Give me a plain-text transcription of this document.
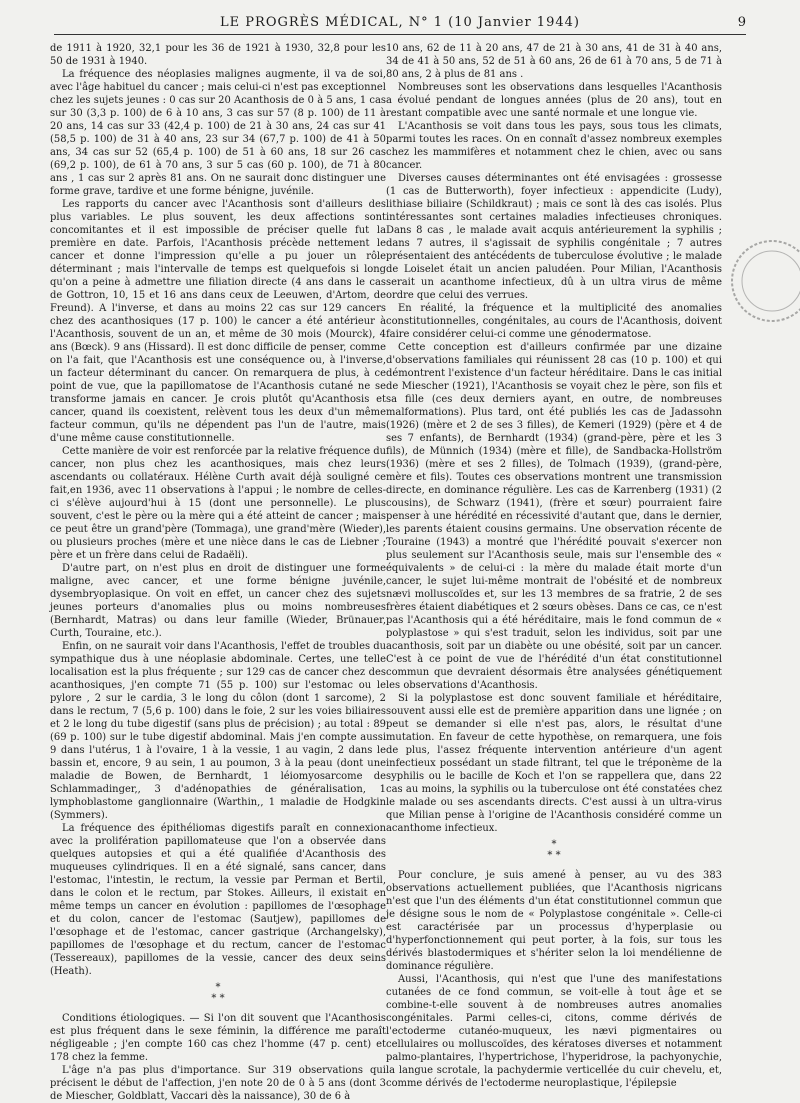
LE PROGRÈS MÉDICAL, N° 1 (10 Janvier 1944)	9

de 1911 à 1920, 32,1 pour les 36 de 1921 à 1930, 32,8 pour les 50 de 1931 à 1940.

La fréquence des néoplasies malignes augmente, il va de soi, avec l'âge habituel du cancer ; mais celui-ci n'est pas exceptionnel chez les sujets jeunes : 0 cas sur 20 Acanthosis de 0 à 5 ans, 1 cas sur 30 (3,3 p. 100) de 6 à 10 ans, 3 cas sur 57 (8 p. 100) de 11 à 20 ans, 14 cas sur 33 (42,4 p. 100) de 21 à 30 ans, 24 cas sur 41 (58,5 p. 100) de 31 à 40 ans, 23 sur 34 (67,7 p. 100) de 41 à 50 ans, 34 cas sur 52 (65,4 p. 100) de 51 à 60 ans, 18 sur 26 cas (69,2 p. 100), de 61 à 70 ans, 3 sur 5 cas (60 p. 100), de 71 à 80 ans , 1 cas sur 2 après 81 ans. On ne saurait donc distinguer une forme grave, tardive et une forme bénigne, juvénile.

Les rapports du cancer avec l'Acanthosis sont d'ailleurs des plus variables. Le plus souvent, les deux affections sont concomitantes et il est impossible de préciser quelle fut la première en date. Parfois, l'Acanthosis précède nettement le cancer et donne l'impression qu'elle a pu jouer un rôle déterminant ; mais l'intervalle de temps est quelquefois si long qu'on a peine à admettre une filiation directe (4 ans dans le cas de Gottron, 10, 15 et 16 ans dans ceux de Leeuwen, d'Artom, de Freund). A l'inverse, et dans au moins 22 cas sur 129 cancers chez des acanthosiques (17 p. 100) le cancer a été antérieur à l'Acanthosis, souvent de un an, et même de 30 mois (Mourck), 4 ans (Bœck). 9 ans (Hissard). Il est donc difficile de penser, comme on l'a fait, que l'Acanthosis est une conséquence ou, à l'inverse, un facteur déterminant du cancer. On remarquera de plus, à ce point de vue, que la papillomatose de l'Acanthosis cutané ne se transforme jamais en cancer. Je crois plutôt qu'Acanthosis et cancer, quand ils coexistent, relèvent tous les deux d'un même facteur commun, qu'ils ne dépendent pas l'un de l'autre, mais d'une même cause constitutionnelle.

Cette manière de voir est renforcée par la relative fréquence du cancer, non plus chez les acanthosiques, mais chez leurs ascendants ou collatéraux. Hélène Curth avait déjà souligné ce fait,en 1936, avec 11 observations à l'appui ; le nombre de celles-ci s'élève aujourd'hui à 15 (dont une personnelle). Le plus souvent, c'est le père ou la mère qui a été atteint de cancer ; mais ce peut être un grand'père (Tommaga), une grand'mère (Wieder), ou plusieurs proches (mère et une nièce dans le cas de Liebner ; père et un frère dans celui de Radaëli).

D'autre part, on n'est plus en droit de distinguer une forme maligne, avec cancer, et une forme bénigne juvénile, dysembryoplasique. On voit en effet, un cancer chez des sujets jeunes porteurs d'anomalies plus ou moins nombreuses (Bernhardt, Matras) ou dans leur famille (Wieder, Brünauer, Curth, Touraine, etc.).

Enfin, on ne saurait voir dans l'Acanthosis, l'effet de troubles du sympathique dus à une néoplasie abdominale. Certes, une telle localisation est la plus fréquente ; sur 129 cas de cancer chez des acanthosiques, j'en compte 71 (55 p. 100) sur l'estomac ou le pylore , 2 sur le cardia, 3 le long du côlon (dont 1 sarcome), 2 dans le rectum, 7 (5,6 p. 100) dans le foie, 2 sur les voies biliaires et 2 le long du tube digestif (sans plus de précision) ; au total : 89 (69 p. 100) sur le tube digestif abdominal. Mais j'en compte aussi 9 dans l'utérus, 1 à l'ovaire, 1 à la vessie, 1 au vagin, 2 dans le bassin et, encore, 9 au sein, 1 au poumon, 3 à la peau (dont une maladie de Bowen, de Bernhardt, 1 léiomyosarcome de Schlammadinger,, 3 d'adénopathies de généralisation, 1 lymphoblastome ganglionnaire (Warthin,, 1 maladie de Hodgkin (Symmers).

La fréquence des épithéliomas digestifs paraît en connexion avec la prolifération papillomateuse que l'on a observée dans quelques autopsies et qui a été qualifiée d'Acanthosis des muqueuses cylindriques. Il en a été signalé, sans cancer, dans l'estomac, l'intestin, le rectum, la vessie par Perman et Bertil, dans le colon et le rectum, par Stokes. Ailleurs, il existait en même temps un cancer en évolution : papillomes de l'œsophage et du colon, cancer de l'estomac (Sautjew), papillomes de l'œsophage et de l'estomac, cancer gastrique (Archangelsky), papillomes de l'œsophage et du rectum, cancer de l'estomac (Tessereaux), papillomes de la vessie, cancer des deux seins (Heath).

*
* *

Conditions étiologiques. — Si l'on dit souvent que l'Acanthosis est plus fréquent dans le sexe féminin, la différence me paraît négligeable ; j'en compte 160 cas chez l'homme (47 p. cent) et 178 chez la femme.

L'âge n'a pas plus d'importance. Sur 319 observations qui précisent le début de l'affection, j'en note 20 de 0 à 5 ans (dont 3 de Miescher, Goldblatt, Vaccari dès la naissance), 30 de 6 à

10 ans, 62 de 11 à 20 ans, 47 de 21 à 30 ans, 41 de 31 à 40 ans, 34 de 41 à 50 ans, 52 de 51 à 60 ans, 26 de 61 à 70 ans, 5 de 71 à 80 ans, 2 à plus de 81 ans .

Nombreuses sont les observations dans lesquelles l'Acanthosis a évolué pendant de longues années (plus de 20 ans), tout en restant compatible avec une santé normale et une longue vie.

L'Acanthosis se voit dans tous les pays, sous tous les climats, parmi toutes les races. On en connaît d'assez nombreux exemples chez les mammifères et notamment chez le chien, avec ou sans cancer.

Diverses causes déterminantes ont été envisagées : grossesse (1 cas de Butterworth), foyer infectieux : appendicite (Ludy), lithiase biliaire (Schildkraut) ; mais ce sont là des cas isolés. Plus intéressantes sont certaines maladies infectieuses chroniques. Dans 8 cas , le malade avait acquis antérieurement la syphilis ; dans 7 autres, il s'agissait de syphilis congénitale ; 7 autres présentaient des antécédents de tuberculose évolutive ; le malade de Loiselet était un ancien paludéen. Pour Milian, l'Acanthosis serait un acanthome infectieux, dû à un ultra virus de même ordre que celui des verrues.

En réalité, la fréquence et la multiplicité des anomalies constitutionnelles, congénitales, au cours de l'Acanthosis, doivent faire considérer celui-ci comme une génodermatose.

Cette conception est d'ailleurs confirmée par une dizaine d'observations familiales qui réunissent 28 cas (10 p. 100) et qui démontrent l'existence d'un facteur héréditaire. Dans le cas initial de Miescher (1921), l'Acanthosis se voyait chez le père, son fils et sa fille (ces deux derniers ayant, en outre, de nombreuses malformations). Plus tard, ont été publiés les cas de Jadassohn (1926) (mère et 2 de ses 3 filles), de Kemeri (1929) (père et 4 de ses 7 enfants), de Bernhardt (1934) (grand-père, père et les 3 fils), de Münnich (1934) (mère et fille), de Sandbacka-Hollström (1936) (mère et ses 2 filles), de Tolmach (1939), (grand-père, mère et fils). Toutes ces observations montrent une transmission directe, en dominance régulière. Les cas de Karrenberg (1931) (2 cousins), de Schwarz (1941), (frère et sœur) pourraient faire penser à une hérédité en récessivité d'autant que, dans le dernier, les parents étaient cousins germains. Une observation récente de Touraine (1943) a montré que l'hérédité pouvait s'exercer non plus seulement sur l'Acanthosis seule, mais sur l'ensemble des « équivalents » de celui-ci : la mère du malade était morte d'un cancer, le sujet lui-même montrait de l'obésité et de nombreux nævi molluscoïdes et, sur les 13 membres de sa fratrie, 2 de ses frères étaient diabétiques et 2 sœurs obèses. Dans ce cas, ce n'est pas l'Acanthosis qui a été héréditaire, mais le fond commun de « polyplastose » qui s'est traduit, selon les individus, soit par une acanthosis, soit par un diabète ou une obésité, soit par un cancer. C'est à ce point de vue de l'hérédité d'un état constitutionnel commun que devraient désormais être analysées génétiquement les observations d'Acanthosis.

Si la polyplastose est donc souvent familiale et héréditaire, souvent aussi elle est de première apparition dans une lignée ; on peut se demander si elle n'est pas, alors, le résultat d'une mutation. En faveur de cette hypothèse, on remarquera, une fois de plus, l'assez fréquente intervention antérieure d'un agent infectieux possédant un stade filtrant, tel que le tréponème de la syphilis ou le bacille de Koch et l'on se rappellera que, dans 22 cas au moins, la syphilis ou la tuberculose ont été constatées chez le malade ou ses ascendants directs. C'est aussi à un ultra-virus que Milian pense à l'origine de l'Acanthosis considéré comme un acanthome infectieux.

*
* *

Pour conclure, je suis amené à penser, au vu des 383 observations actuellement publiées, que l'Acanthosis nigricans n'est que l'un des éléments d'un état constitutionnel commun que je désigne sous le nom de « Polyplastose congénitale ». Celle-ci est caractérisée par un processus d'hyperplasie ou d'hyperfonctionnement qui peut porter, à la fois, sur tous les dérivés blastodermiques et s'hériter selon la loi mendélienne de dominance régulière.

Aussi, l'Acanthosis, qui n'est que l'une des manifestations cutanées de ce fond commun, se voit-elle à tout âge et se combine-t-elle souvent à de nombreuses autres anomalies congénitales. Parmi celles-ci, citons, comme dérivés de l'ectoderme cutanéo-muqueux, les nævi pigmentaires ou cellulaires ou molluscoïdes, des kératoses diverses et notamment palmo-plantaires, l'hypertrichose, l'hyperidrose, la pachyonychie, la langue scrotale, la pachydermie verticellée du cuir chevelu, et, comme dérivés de l'ectoderme neuroplastique, l'épilepsie
